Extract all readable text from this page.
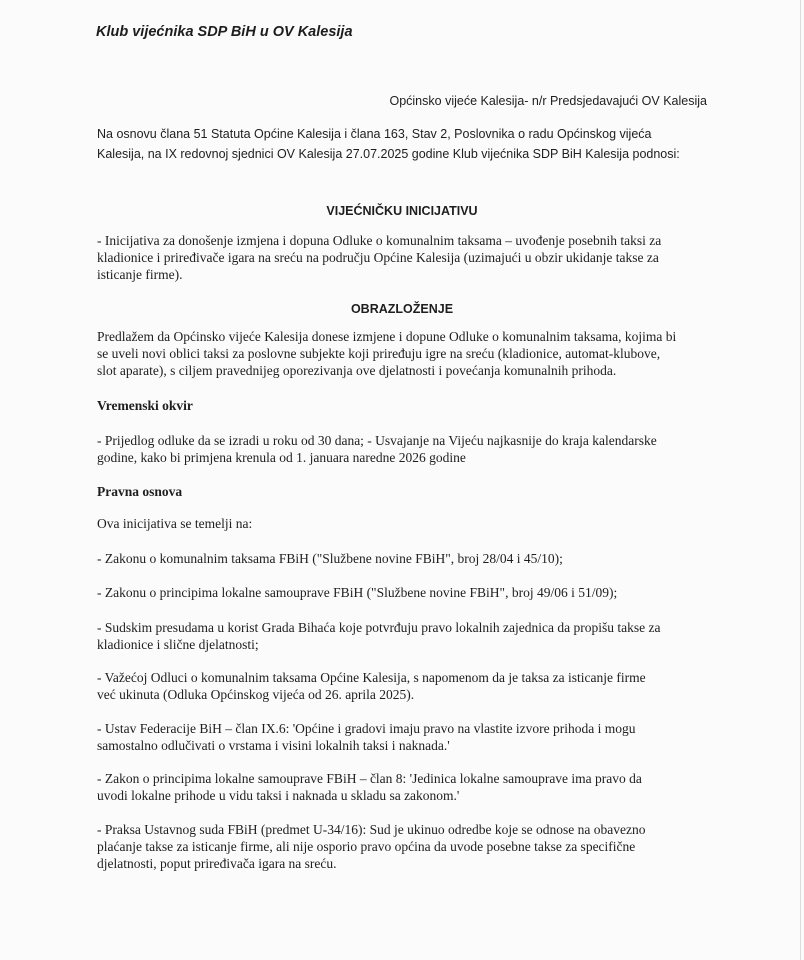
Klub vijećnika SDP BiH u OV Kalesija
Općinsko vijeće Kalesija- n/r Predsjedavajući OV Kalesija
Na osnovu člana 51 Statuta Općine Kalesija i člana 163, Stav 2, Poslovnika o radu Općinskog vijeća
Kalesija, na IX redovnoj sjednici OV Kalesija 27.07.2025 godine Klub vijećnika SDP BiH Kalesija podnosi:
VIJEĆNIČKU INICIJATIVU
- Inicijativa za donošenje izmjena i dopuna Odluke o komunalnim taksama – uvođenje posebnih taksi za
kladionice i priređivače igara na sreću na području Općine Kalesija (uzimajući u obzir ukidanje takse za
isticanje firme).
OBRAZLOŽENJE
Predlažem da Općinsko vijeće Kalesija donese izmjene i dopune Odluke o komunalnim taksama, kojima bi
se uveli novi oblici taksi za poslovne subjekte koji priređuju igre na sreću (kladionice, automat-klubove,
slot aparate), s ciljem pravednijeg oporezivanja ove djelatnosti i povećanja komunalnih prihoda.
Vremenski okvir
- Prijedlog odluke da se izradi u roku od 30 dana; - Usvajanje na Vijeću najkasnije do kraja kalendarske
godine, kako bi primjena krenula od 1. januara naredne 2026 godine
Pravna osnova
Ova inicijativa se temelji na:
- Zakonu o komunalnim taksama FBiH ("Službene novine FBiH", broj 28/04 i 45/10);
- Zakonu o principima lokalne samouprave FBiH ("Službene novine FBiH", broj 49/06 i 51/09);
- Sudskim presudama u korist Grada Bihaća koje potvrđuju pravo lokalnih zajednica da propišu takse za
kladionice i slične djelatnosti;
- Važećoj Odluci o komunalnim taksama Općine Kalesija, s napomenom da je taksa za isticanje firme
već ukinuta (Odluka Općinskog vijeća od 26. aprila 2025).
- Ustav Federacije BiH – član IX.6: 'Općine i gradovi imaju pravo na vlastite izvore prihoda i mogu
samostalno odlučivati o vrstama i visini lokalnih taksi i naknada.'
- Zakon o principima lokalne samouprave FBiH – član 8: 'Jedinica lokalne samouprave ima pravo da
uvodi lokalne prihode u vidu taksi i naknada u skladu sa zakonom.'
- Praksa Ustavnog suda FBiH (predmet U-34/16): Sud je ukinuo odredbe koje se odnose na obavezno
plaćanje takse za isticanje firme, ali nije osporio pravo općina da uvode posebne takse za specifične
djelatnosti, poput priređivača igara na sreću.
